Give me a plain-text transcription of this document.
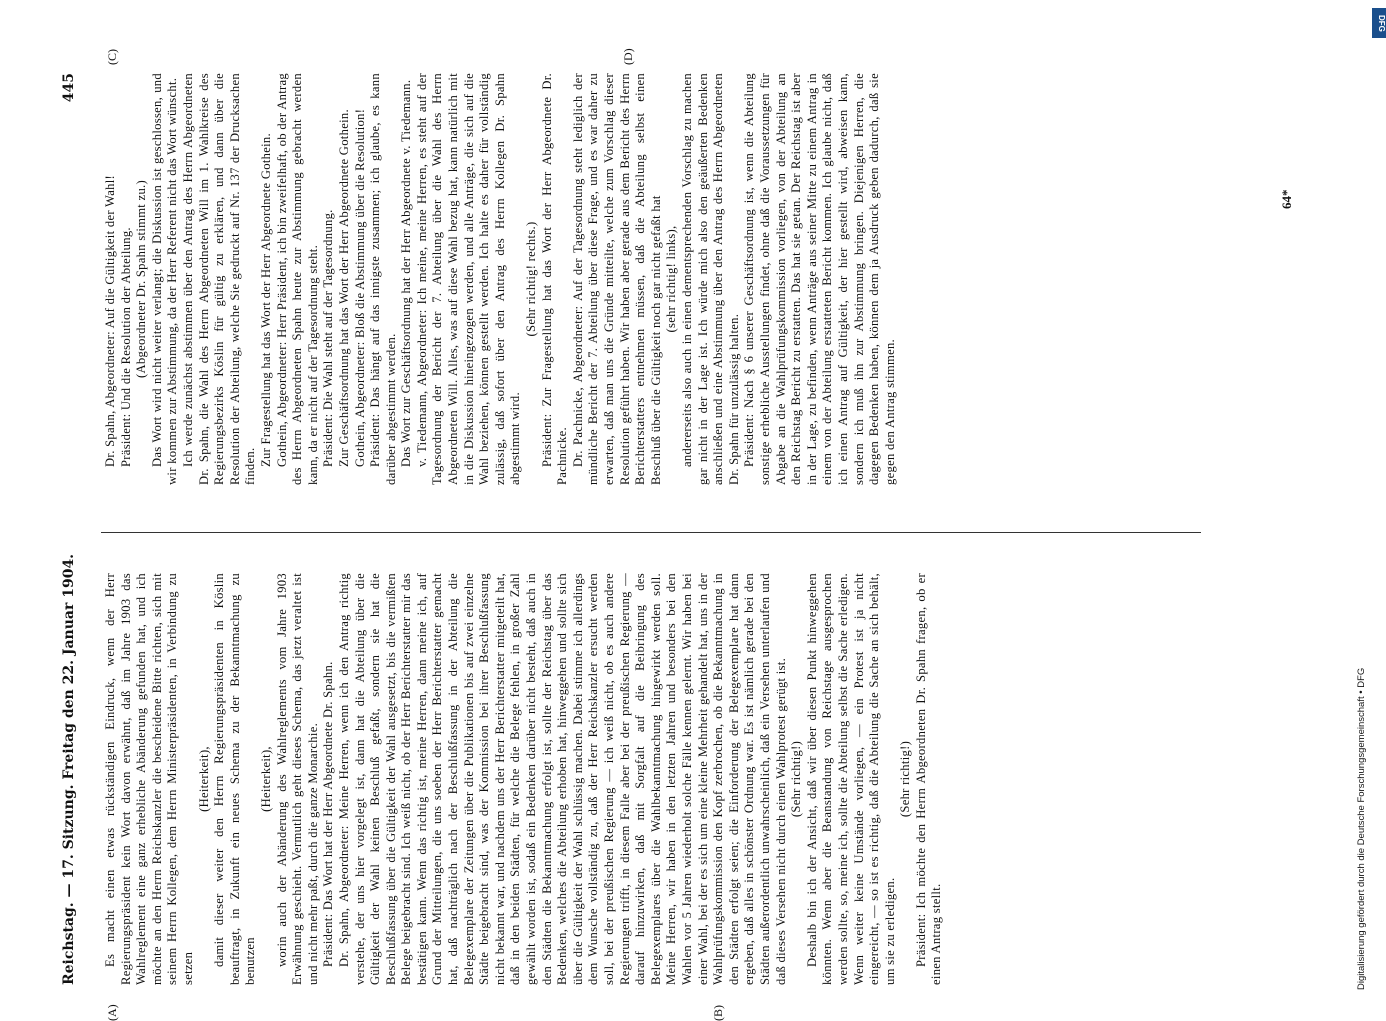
Reichstag. — 17. Sitzung. Freitag den 22. Januar 1904.
445
(A)	(B)
(C)	(D)

Es macht einen etwas rückständigen Eindruck, wenn der Herr Regierungspräsident kein Wort davon erwähnt, daß im Jahre 1903 das Wahlreglement eine ganz erhebliche Abänderung gefunden hat, und ich möchte an den Herrn Reichskanzler die bescheidene Bitte richten, sich mit seinem Herrn Kollegen, dem Herrn Ministerpräsidenten, in Verbindung zu setzen

(Heiterkeit), damit dieser weiter den Herrn Regierungspräsidenten in Köslin beauftragt, in Zukunft ein neues Schema zu der Bekanntmachung zu benutzen

(Heiterkeit), worin auch der Abänderung des Wahlreglements vom Jahre 1903 Erwähnung geschieht. Vermutlich geht dieses Schema, das jetzt veraltet ist und nicht mehr paßt, durch die ganze Monarchie. Präsident: Das Wort hat der Herr Abgeordnete Dr. Spahn. Dr. Spahn, Abgeordneter: Meine Herren, wenn ich den Antrag richtig verstehe, der uns hier vorgelegt ist, dann hat die Abteilung über die Gültigkeit der Wahl keinen Beschluß gefaßt, sondern sie hat die Beschlußfassung über die Gültigkeit der Wahl ausgesetzt, bis die vermißten Belege beigebracht sind. Ich weiß nicht, ob der Herr Berichterstatter mir das bestätigen kann. Wenn das richtig ist, meine Herren, dann meine ich, auf Grund der Mitteilungen, die uns soeben der Herr Berichterstatter gemacht hat, daß nachträglich nach der Beschlußfassung in der Abteilung die Belegexemplare der Zeitungen über die Publikationen bis auf zwei einzelne Städte beigebracht sind, was der Kommission bei ihrer Beschlußfassung nicht bekannt war, und nachdem uns der Herr Berichterstatter mitgeteilt hat, daß in den beiden Städten, für welche die Belege fehlen, in großer Zahl gewählt worden ist, sodaß ein Bedenken darüber nicht besteht, daß auch in den Städten die Bekanntmachung erfolgt ist, sollte der Reichstag über das Bedenken, welches die Abteilung erhoben hat, hinweggehen und sollte sich über die Gültigkeit der Wahl schlüssig machen. Dabei stimme ich allerdings dem Wunsche vollständig zu, daß der Herr Reichskanzler ersucht werden soll, bei der preußischen Regierung — ich weiß nicht, ob es auch andere Regierungen trifft, in diesem Falle aber bei der preußischen Regierung — darauf hinzuwirken, daß mit Sorgfalt auf die Beibringung des Belegexemplares über die Wahlbekanntmachung hingewirkt werden soll. Meine Herren, wir haben in den letzten Jahren und besonders bei den Wahlen vor 5 Jahren wiederholt solche Fälle kennen gelernt. Wir haben bei einer Wahl, bei der es sich um eine kleine Mehrheit gehandelt hat, uns in der Wahlprüfungskommission den Kopf zerbrochen, ob die Bekanntmachung in den Städten erfolgt seien; die Einforderung der Belegexemplare hat dann ergeben, daß alles in schönster Ordnung war. Es ist nämlich gerade bei den Städten außerordentlich unwahrscheinlich, daß ein Versehen unterlaufen und daß dieses Versehen nicht durch einen Wahlprotest gerügt ist. (Sehr richtig!) Deshalb bin ich der Ansicht, daß wir über diesen Punkt hinweggehen könnten. Wenn aber die Beanstandung von Reichstage ausgesprochen werden sollte, so, meine ich, sollte die Abteilung selbst die Sache erledigen. Wenn weiter keine Umstände vorliegen, — ein Protest ist ja nicht eingereicht, — so ist es richtig, daß die Abteilung die Sache an sich behält, um sie zu erledigen.

(Sehr richtig!) Präsident: Ich möchte den Herrn Abgeordneten Dr. Spahn fragen, ob er einen Antrag stellt.

Dr. Spahn, Abgeordneter: Auf die Gültigkeit der Wahl! Präsident: Und die Resolution der Abteilung. (Abgeordneter Dr. Spahn stimmt zu.) Das Wort wird nicht weiter verlangt; die Diskussion ist geschlossen, und wir kommen zur Abstimmung, da der Herr Referent nicht das Wort wünscht. Ich werde zunächst abstimmen über den Antrag des Herrn Abgeordneten Dr. Spahn, die Wahl des Herrn Abgeordneten Will im 1. Wahlkreise des Regierungsbezirks Köslin für gültig zu erklären, und dann über die Resolution der Abteilung, welche Sie gedruckt auf Nr. 137 der Drucksachen finden. Zur Fragestellung hat das Wort der Herr Abgeordnete Gothein. Gothein, Abgeordneter: Herr Präsident, ich bin zweifelhaft, ob der Antrag des Herrn Abgeordneten Spahn heute zur Abstimmung gebracht werden kann, da er nicht auf der Tagesordnung steht. Präsident: Die Wahl steht auf der Tagesordnung. Zur Geschäftsordnung hat das Wort der Herr Abgeordnete Gothein. Gothein, Abgeordneter: Bloß die Abstimmung über die Resolution! Präsident: Das hängt auf das innigste zusammen; ich glaube, es kann darüber abgestimmt werden. Das Wort zur Geschäftsordnung hat der Herr Abgeordnete v. Tiedemann. v. Tiedemann, Abgeordneter: Ich meine, meine Herren, es steht auf der Tagesordnung der Bericht der 7. Abteilung über die Wahl des Herrn Abgeordneten Will. Alles, was auf diese Wahl bezug hat, kann natürlich mit in die Diskussion hineingezogen werden, und alle Anträge, die sich auf die Wahl beziehen, können gestellt werden. Ich halte es daher für vollständig zulässig, daß sofort über den Antrag des Herrn Kollegen Dr. Spahn abgestimmt wird.

(Sehr richtig! rechts.) Präsident: Zur Fragestellung hat das Wort der Herr Abgeordnete Dr. Pachnicke. Dr. Pachnicke, Abgeordneter: Auf der Tagesordnung steht lediglich der mündliche Bericht der 7. Abteilung über diese Frage, und es war daher zu erwarten, daß man uns die Gründe mitteilte, welche zum Vorschlag dieser Resolution geführt haben. Wir haben aber gerade aus dem Bericht des Herrn Berichterstatters entnehmen müssen, daß die Abteilung selbst einen Beschluß über die Gültigkeit noch gar nicht gefaßt hat (sehr richtig! links), andererseits also auch in einen dementsprechenden Vorschlag zu machen gar nicht in der Lage ist. Ich würde mich also den geäußerten Bedenken anschließen und eine Abstimmung über den Antrag des Herrn Abgeordneten Dr. Spahn für unzulässig halten. Präsident: Nach § 6 unserer Geschäftsordnung ist, wenn die Abteilung sonstige erhebliche Ausstellungen findet, ohne daß die Voraussetzungen für Abgabe an die Wahlprüfungskommission vorliegen, von der Abteilung an den Reichstag Bericht zu erstatten. Das hat sie getan. Der Reichstag ist aber in der Lage, zu befinden, wenn Anträge aus seiner Mitte zu einem Antrag in einem von der Abteilung erstatteten Bericht kommen. Ich glaube nicht, daß ich einen Antrag auf Gültigkeit, der hier gestellt wird, abweisen kann, sondern ich muß ihn zur Abstimmung bringen. Diejenigen Herren, die dagegen Bedenken haben, können dem ja Ausdruck geben dadurch, daß sie gegen den Antrag stimmen.

64*
Digitalisierung gefördert durch die Deutsche Forschungsgemeinschaft • DFG
DFG
